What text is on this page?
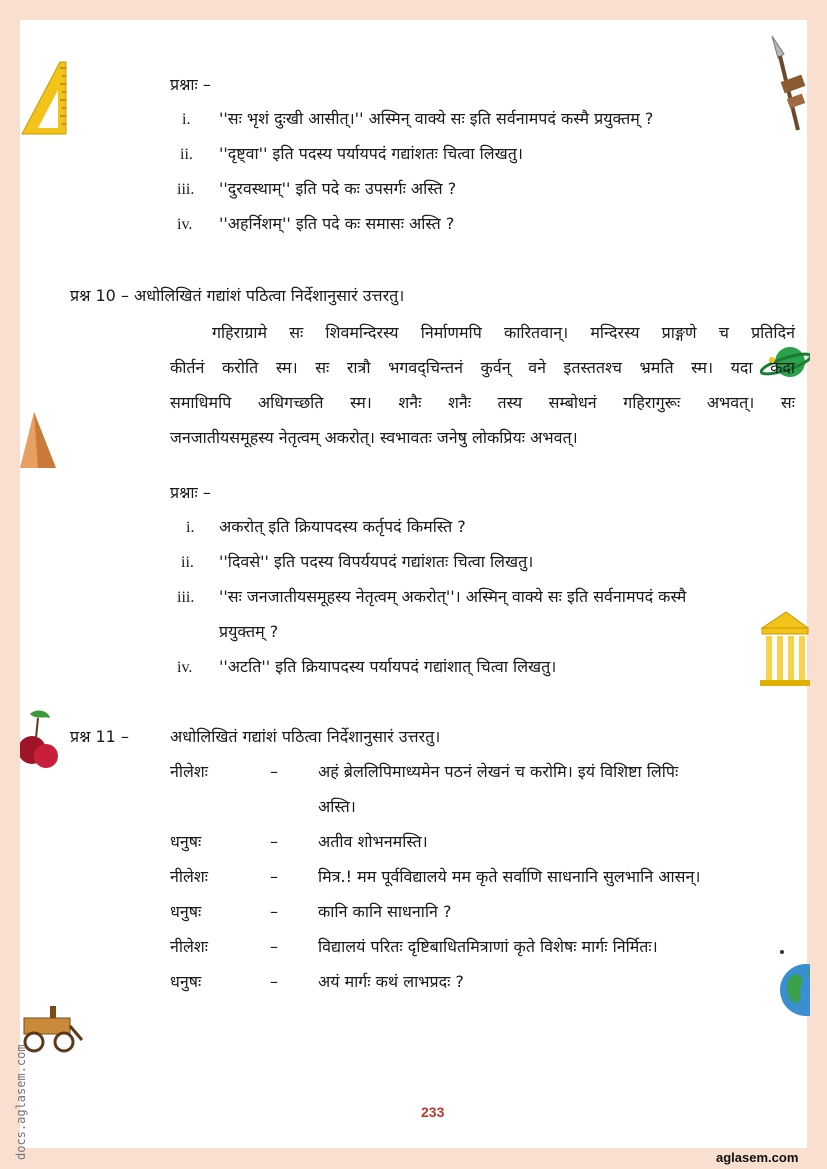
docs.aglasem.com
प्रश्नाः –
i. ''सः भृशं दुःखी आसीत्।'' अस्मिन् वाक्ये सः इति सर्वनामपदं कस्मै प्रयुक्तम् ?
ii. ''दृष्ट्वा'' इति पदस्य पर्यायपदं गद्यांशतः चित्वा लिखतु।
iii. ''दुरवस्थाम्'' इति पदे कः उपसर्गः अस्ति ?
iv. ''अहर्निशम्'' इति पदे कः समासः अस्ति ?
प्रश्न 10 – अधोलिखितं गद्यांशं पठित्वा निर्देशानुसारं उत्तरतु।
गहिराग्रामे सः शिवमन्दिरस्य निर्माणमपि कारितवान्। मन्दिरस्य प्राङ्गणे च प्रतिदिनं
कीर्तनं करोति स्म। सः रात्रौ भगवद्चिन्तनं कुर्वन् वने इतस्ततश्च भ्रमति स्म। यदा कदा
समाधिमपि अधिगच्छति स्म। शनैः शनैः तस्य सम्बोधनं गहिरागुरूः अभवत्। सः
जनजातीयसमूहस्य नेतृत्वम् अकरोत्। स्वभावतः जनेषु लोकप्रियः अभवत्।
प्रश्नाः –
i. अकरोत् इति क्रियापदस्य कर्तृपदं किमस्ति ?
ii. ''दिवसे'' इति पदस्य विपर्ययपदं गद्यांशतः चित्वा लिखतु।
iii. ''सः जनजातीयसमूहस्य नेतृत्वम् अकरोत्''। अस्मिन् वाक्ये सः इति सर्वनामपदं कस्मै
प्रयुक्तम् ?
iv. ''अटति'' इति क्रियापदस्य पर्यायपदं गद्यांशात् चित्वा लिखतु।
प्रश्न 11 –	अधोलिखितं गद्यांशं पठित्वा निर्देशानुसारं उत्तरतु।
नीलेशः	–	अहं ब्रेललिपिमाध्यमेन पठनं लेखनं च करोमि। इयं विशिष्टा लिपिः
अस्ति।
धनुषः	–	अतीव शोभनमस्ति।
नीलेशः	–	मित्र.! मम पूर्वविद्यालये मम कृते सर्वाणि साधनानि सुलभानि आसन्।
धनुषः	–	कानि कानि साधनानि ?
नीलेशः	–	विद्यालयं परितः दृष्टिबाधितमित्राणां कृते विशेषः मार्गः निर्मितः।
धनुषः	–	अयं मार्गः कथं लाभप्रदः ?
233
aglasem.com
